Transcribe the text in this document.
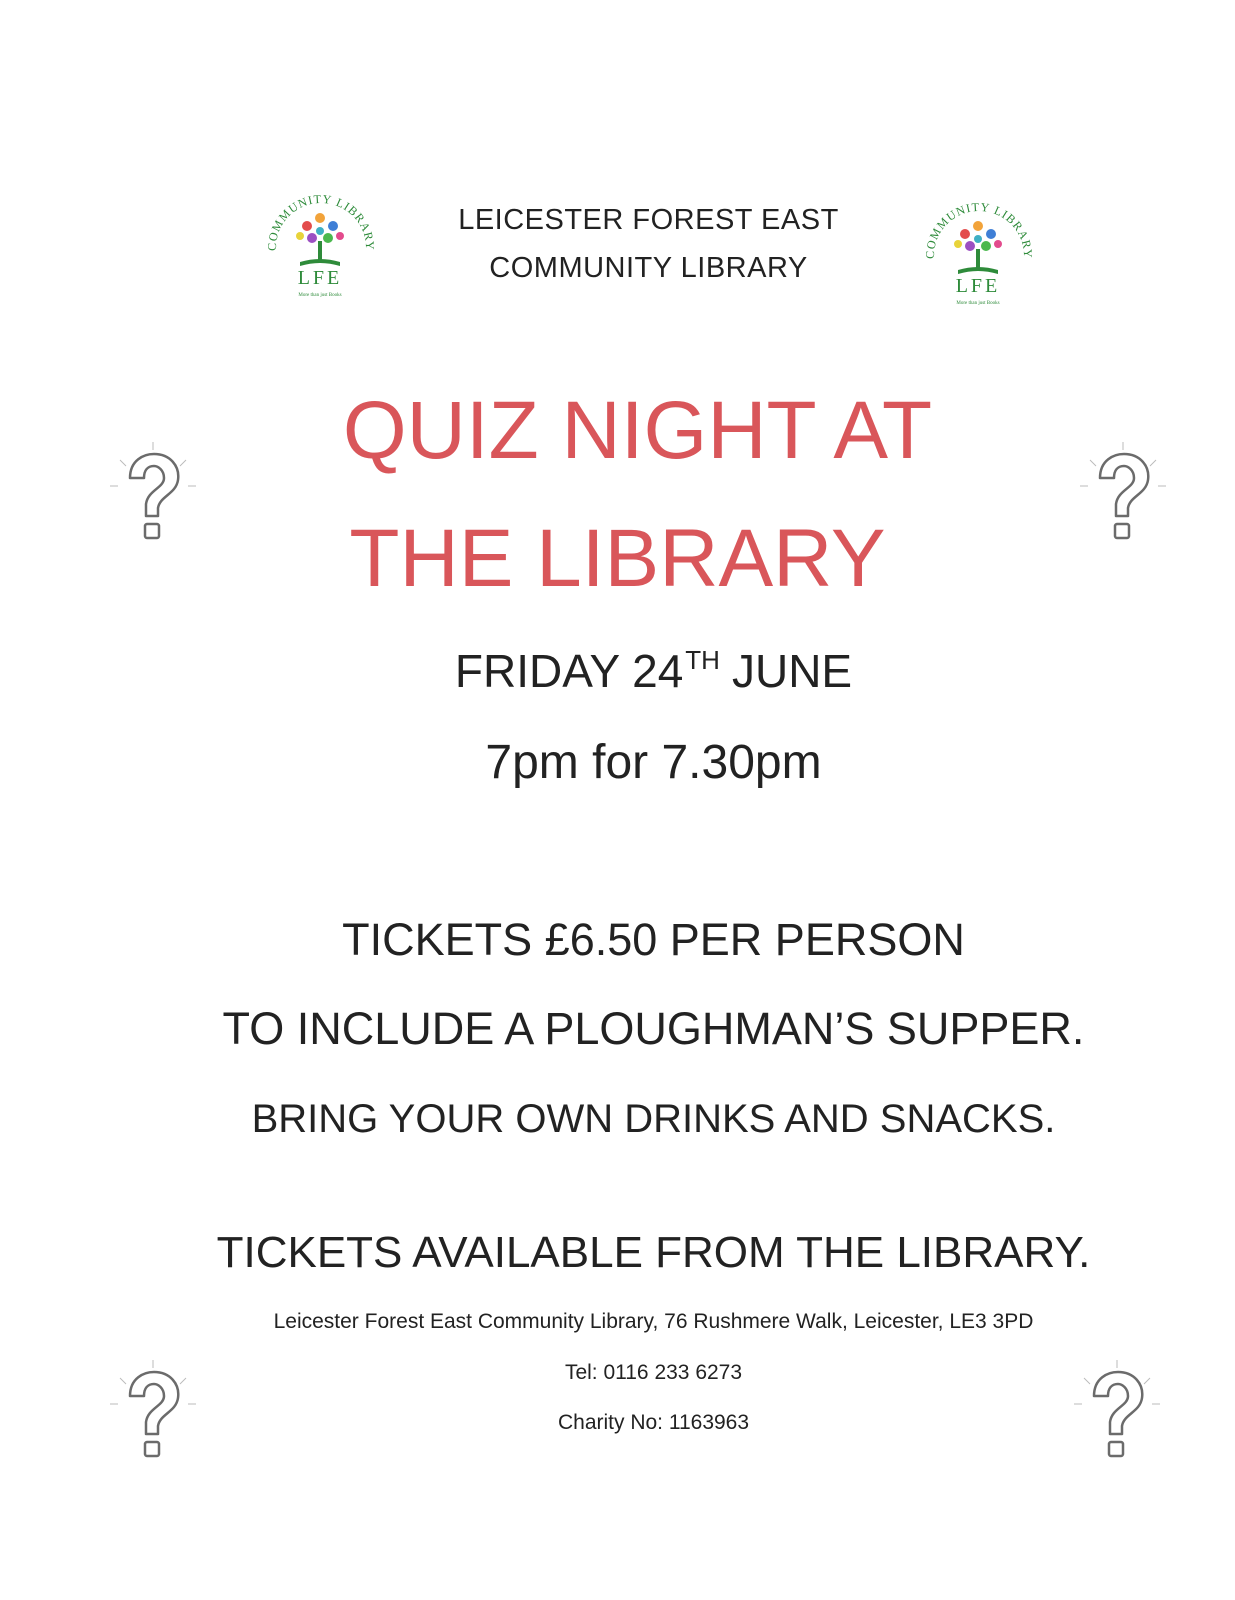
COMMUNITY LIBRARY
LFE
More than just Books
COMMUNITY LIBRARY
LFE
More than just Books
LEICESTER FOREST EAST
COMMUNITY LIBRARY
QUIZ NIGHT AT
THE LIBRARY
FRIDAY 24TH JUNE
7pm for 7.30pm
TICKETS £6.50 PER PERSON
TO INCLUDE A PLOUGHMAN’S SUPPER.
BRING YOUR OWN DRINKS AND SNACKS.
TICKETS AVAILABLE FROM THE LIBRARY.
Leicester Forest East Community Library, 76 Rushmere Walk, Leicester, LE3 3PD
Tel: 0116 233 6273
Charity No: 1163963
